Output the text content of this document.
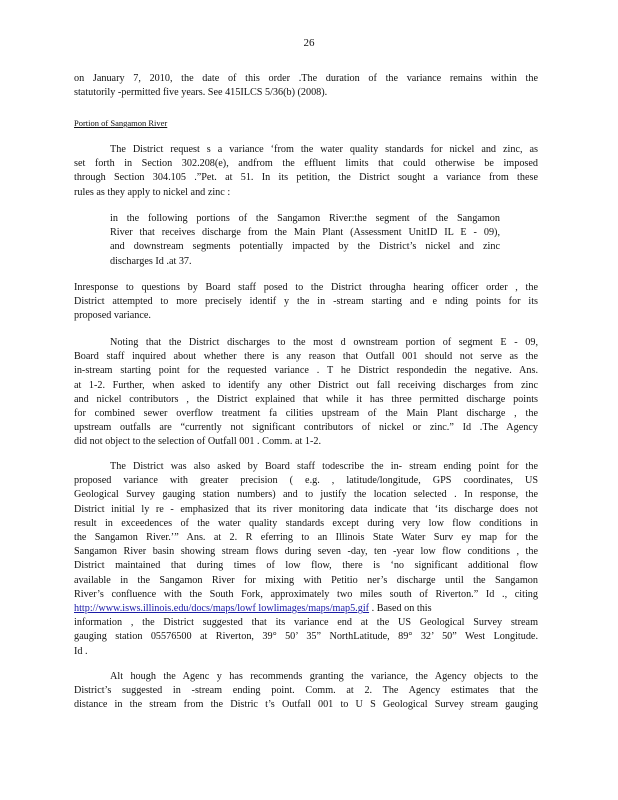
26
on January 7, 2010, the date of this order .The duration of the variance remains within the
statutorily -permitted five years. See 415ILCS 5/36(b) (2008).
Portion of Sangamon River
The District request s a variance ‘from the water quality standards for nickel and zinc, as
set forth in Section 302.208(e), andfrom the effluent limits that could otherwise be imposed
through Section 304.105 .”Pet. at 51. In its petition, the District sought a variance from these
rules as they apply to nickel and zinc :
in the following portions of the Sangamon River:the segment of the Sangamon
River that receives discharge from the Main Plant (Assessment UnitID IL E - 09),
and downstream segments potentially impacted by the District’s nickel and zinc
discharges Id .at 37.
Inresponse to questions by Board staff posed to the District througha hearing officer order , the
District attempted to more precisely identif y the in -stream starting and e nding points for its
proposed variance.
Noting that the District discharges to the most d ownstream portion of segment E - 09,
Board staff inquired about whether there is any reason that Outfall 001 should not serve as the
in-stream starting point for the requested variance . T he District respondedin the negative. Ans.
at 1-2. Further, when asked to identify any other District out fall receiving discharges from zinc
and nickel contributors , the District explained that while it has three permitted discharge points
for combined sewer overflow treatment fa cilities upstream of the Main Plant discharge , the
upstream outfalls are “currently not significant contributors of nickel or zinc.” Id .The Agency
did not object to the selection of Outfall 001 . Comm. at 1-2.
The District was also asked by Board staff todescribe the in- stream ending point for the
proposed variance with greater precision ( e.g. , latitude/longitude, GPS coordinates, US
Geological Survey gauging station numbers) and to justify the location selected . In response, the
District initial ly re - emphasized that its river monitoring data indicate that ‘its discharge does not
result in exceedences of the water quality standards except during very low flow conditions in
the Sangamon River.’” Ans. at 2. R eferring to an Illinois State Water Surv ey map for the
Sangamon River basin showing stream flows during seven -day, ten -year low flow conditions , the
District maintained that during times of low flow, there is ‘no significant additional flow
available in the Sangamon River for mixing with Petitio ner’s discharge until the Sangamon
River’s confluence with the South Fork, approximately two miles south of Riverton.” Id ., citing
http://www.isws.illinois.edu/docs/maps/lowf lowlimages/maps/map5.gif . Based on this
information , the District suggested that its variance end at the US Geological Survey stream
gauging station 05576500 at Riverton, 39° 50’ 35” NorthLatitude, 89° 32’ 50” West Longitude.
Id .
Alt hough the Agenc y has recommends granting the variance, the Agency objects to the
District’s suggested in -stream ending point. Comm. at 2. The Agency estimates that the
distance in the stream from the Distric t’s Outfall 001 to U S Geological Survey stream gauging
